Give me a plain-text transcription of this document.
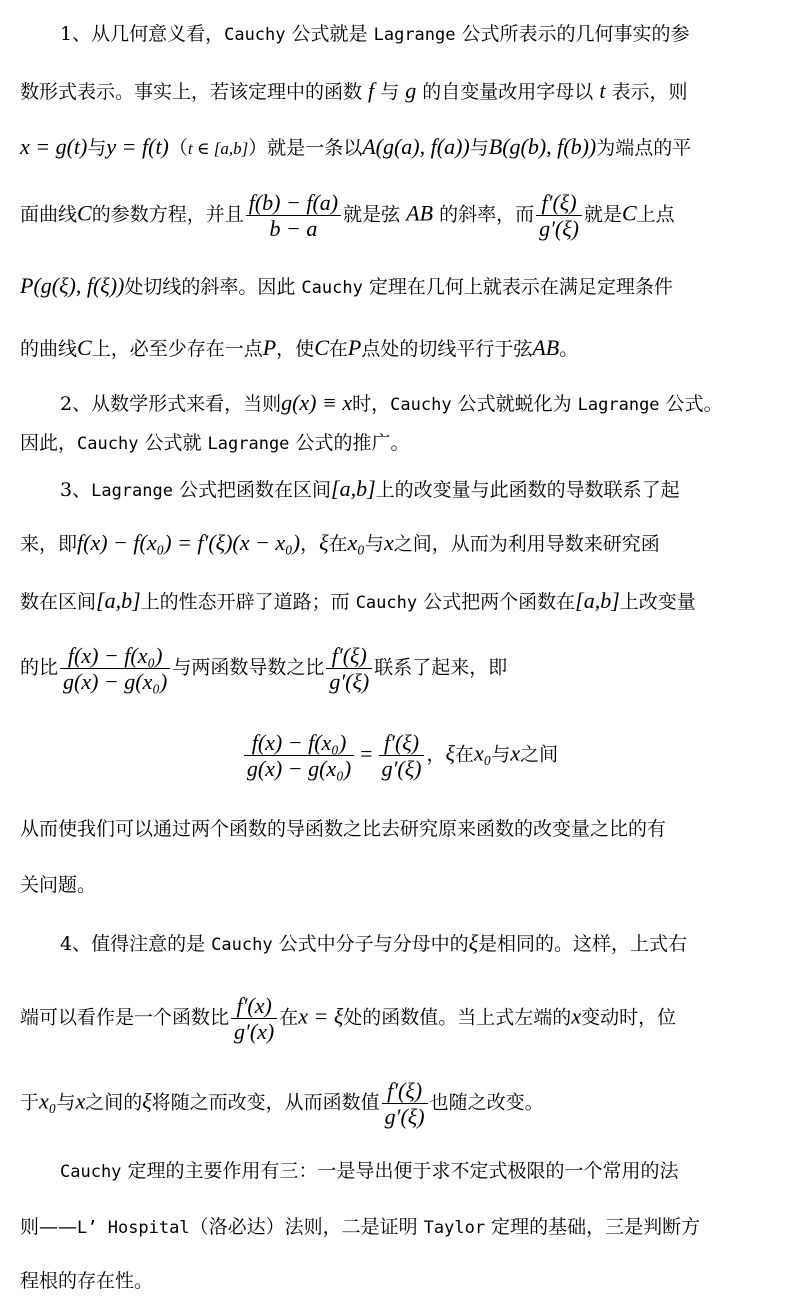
1、从几何意义看，Cauchy 公式就是 Lagrange 公式所表示的几何事实的参
数形式表示。事实上，若该定理中的函数 f 与 g 的自变量改用字母以 t 表示，则
x = g(t)与y = f(t)（t ∈ [a,b]）就是一条以A(g(a), f(a))与B(g(b), f(b))为端点的平
面曲线C的参数方程，并且 $\frac{f(b) - f(a)}{b - a}$ 就是弦 AB 的斜率，而 $\frac{f'(\xi)}{g'(\xi)}$ 就是C上点
P(g(ξ), f(ξ))处切线的斜率。因此 Cauchy 定理在几何上就表示在满足定理条件
的曲线C上，必至少存在一点P，使C在P点处的切线平行于弦AB。
2、从数学形式来看，当则g(x) ≡ x时，Cauchy 公式就蜕化为 Lagrange 公式。
因此，Cauchy 公式就 Lagrange 公式的推广。
3、Lagrange 公式把函数在区间[a,b]上的改变量与此函数的导数联系了起
来，即f(x) − f(x₀) = f′(ξ)(x − x₀)，ξ在x₀与x之间，从而为利用导数来研究函
数在区间[a,b]上的性态开辟了道路；而 Cauchy 公式把两个函数在[a,b]上改变量
的比 $\frac{\text{f(x) − f(x₀)}}{\text{g(x) − g(x₀)}}$ 与两函数导数之比 $\frac{f'(\xi)}{g'(\xi)}$ 联系了起来，即
$\frac{\text{f(x) − f(x₀)}}{\text{g(x) − g(x₀)}} = \frac{f'(\xi)}{g'(\xi)}$ ，ξ在x₀与x之间
从而使我们可以通过两个函数的导函数之比去研究原来函数的改变量之比的有
关问题。
4、值得注意的是 Cauchy 公式中分子与分母中的ξ是相同的。这样，上式右
端可以看作是一个函数比 $\frac{f'(x)}{g'(x)}$ 在x = ξ处的函数值。当上式左端的x变动时，位
于x₀与x之间的ξ将随之而改变，从而函数值 $\frac{f'(\xi)}{g'(\xi)}$ 也随之改变。
Cauchy 定理的主要作用有三：一是导出便于求不定式极限的一个常用的法
则——L’ Hospital（洛必达）法则，二是证明 Taylor 定理的基础，三是判断方
程根的存在性。
